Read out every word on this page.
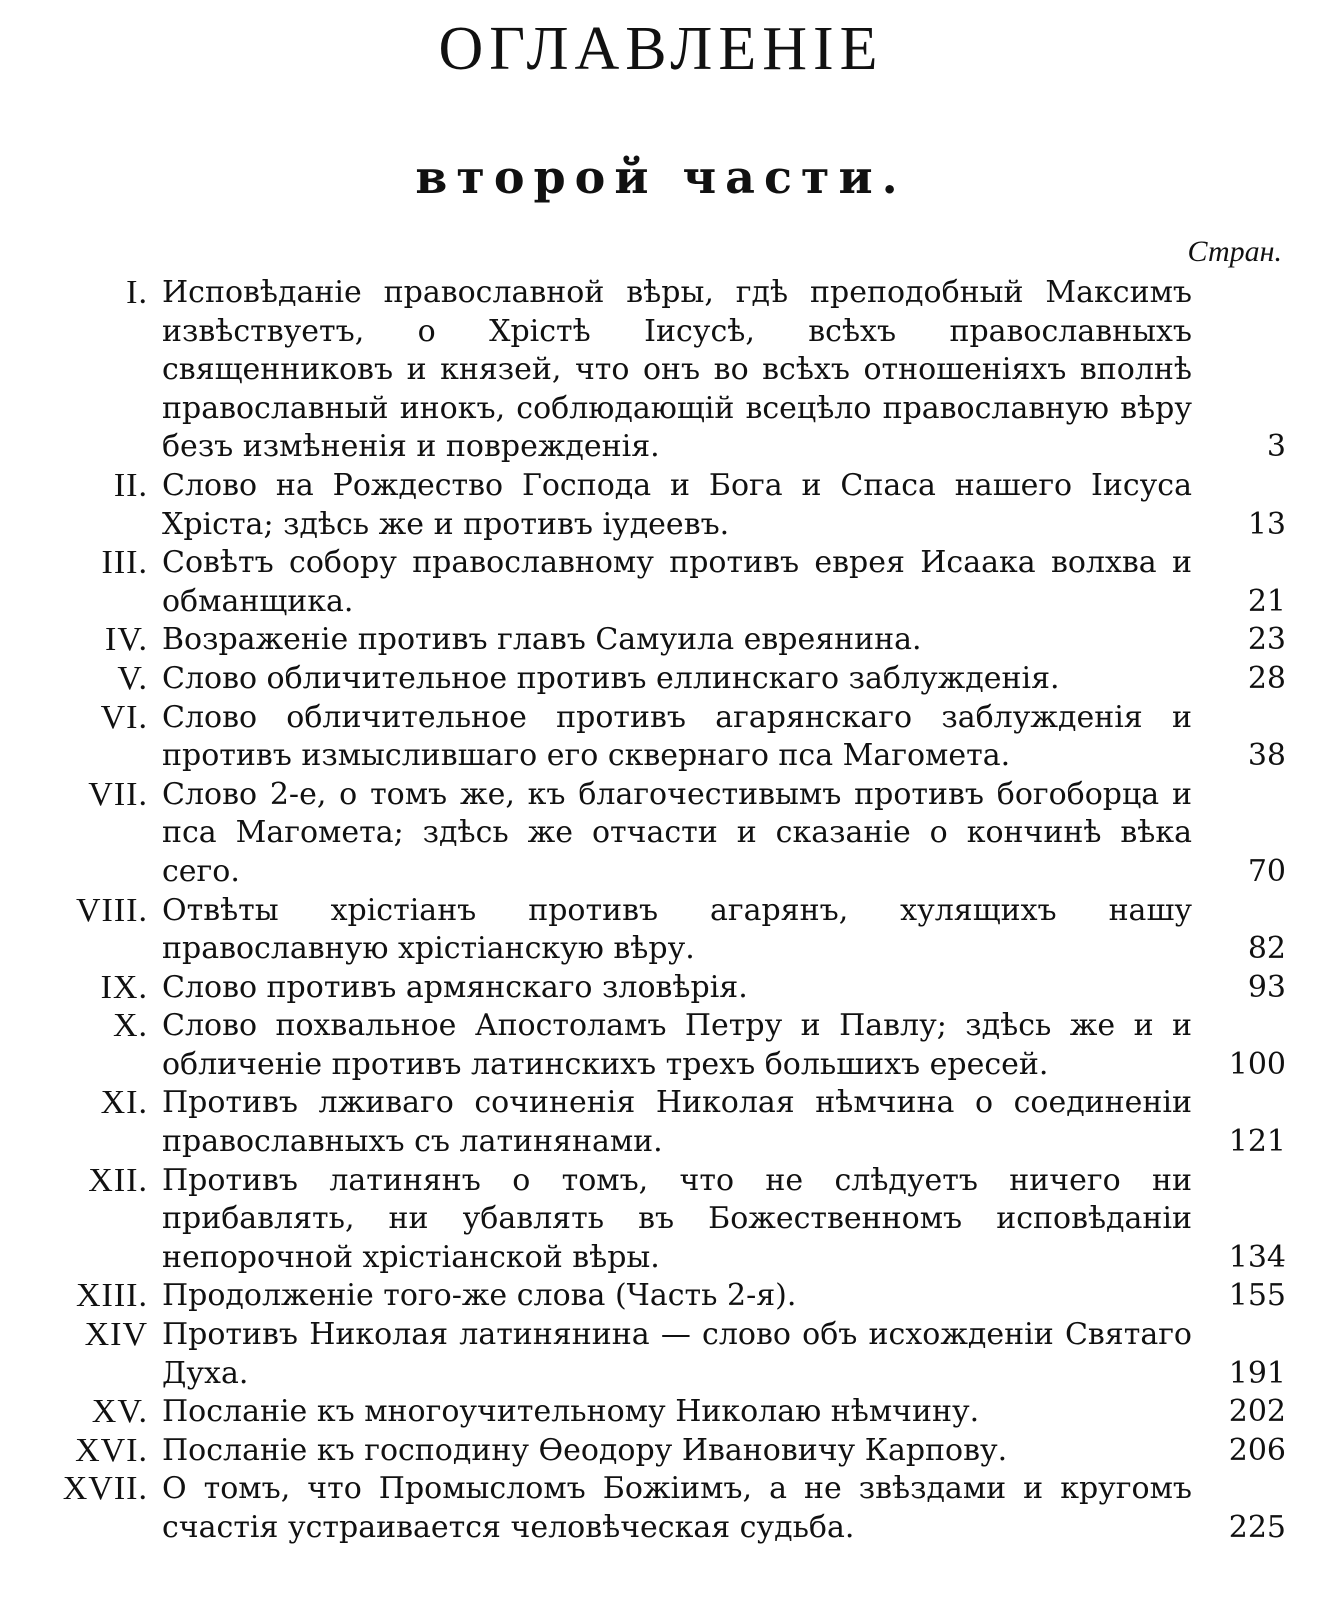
ОГЛАВЛЕНІЕ
второй части.
Стран.
I. Исповѣданіе православной вѣры, гдѣ преподобный Максимъ извѣствуетъ, о Хрістѣ Іисусѣ, всѣхъ православныхъ священниковъ и князей, что онъ во всѣхъ отношеніяхъ вполнѣ православный инокъ, соблюдающій всецѣло православную вѣру безъ измѣненія и поврежденія.	3
II. Слово на Рождество Господа и Бога и Спаса нашего Іисуса Хріста; здѣсь же и противъ іудеевъ.	13
III. Совѣтъ собору православному противъ еврея Исаака волхва и обманщика.	21
IV. Возраженіе противъ главъ Самуила евреянина.	23
V. Слово обличительное противъ еллинскаго заблужденія.	28
VI. Слово обличительное противъ агарянскаго заблужденія и противъ измыслившаго его сквернаго пса Магомета.	38
VII. Слово 2-е, о томъ же, къ благочестивымъ противъ богоборца и пса Магомета; здѣсь же отчасти и сказаніе о кончинѣ вѣка сего.	70
VIII. Отвѣты хрістіанъ противъ агарянъ, хулящихъ нашу православную хрістіанскую вѣру.	82
IX. Слово противъ армянскаго зловѣрія.	93
X. Слово похвальное Апостоламъ Петру и Павлу; здѣсь же и и обличеніе противъ латинскихъ трехъ большихъ ересей.	100
XI. Противъ лживаго сочиненія Николая нѣмчина о соединеніи православныхъ съ латинянами.	121
XII. Противъ латинянъ о томъ, что не слѣдуетъ ничего ни прибавлять, ни убавлять въ Божественномъ исповѣданіи непорочной хрістіанской вѣры.	134
XIII. Продолженіе того-же слова (Часть 2-я).	155
XIV Противъ Николая латинянина — слово объ исхожденіи Святаго Духа.	191
XV. Посланіе къ многоучительному Николаю нѣмчину.	202
XVI. Посланіе къ господину Ѳеодору Ивановичу Карпову.	206
XVII. О томъ, что Промысломъ Божіимъ, а не звѣздами и кругомъ счастія устраивается человѣческая судьба.	225
